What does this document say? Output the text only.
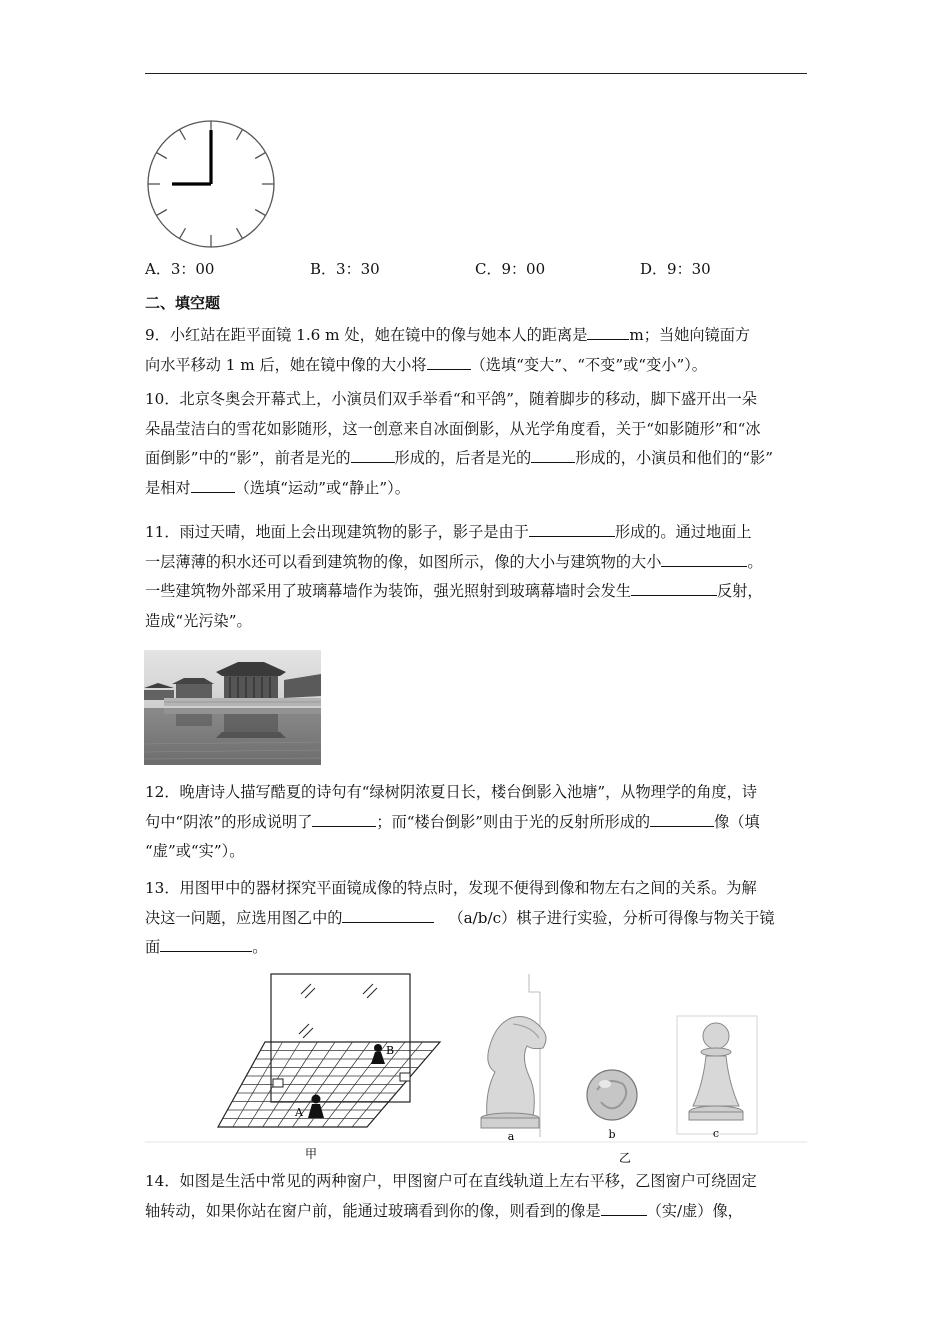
A．3：00	B．3：30	C．9：00	D．9：30
二、填空题

9．小红站在距平面镜 1.6 m 处，她在镜中的像与她本人的距离是	m；当她向镜面方

向水平移动 1 m 后，她在镜中像的大小将	（选填“变大”、“不变”或“变小”）。

10．北京冬奥会开幕式上，小演员们双手举看“和平鸽”，随着脚步的移动，脚下盛开出一朵

朵晶莹洁白的雪花如影随形，这一创意来自冰面倒影，从光学角度看，关于“如影随形”和“冰

面倒影”中的“影”，前者是光的	形成的，后者是光的	形成的，小演员和他们的“影”

是相对	（选填“运动”或“静止”）。

11．雨过天晴，地面上会出现建筑物的影子，影子是由于	形成的。通过地面上

一层薄薄的积水还可以看到建筑物的像，如图所示，像的大小与建筑物的大小	。

一些建筑物外部采用了玻璃幕墙作为装饰，强光照射到玻璃幕墙时会发生	反射，

造成“光污染”。

12．晚唐诗人描写酷夏的诗句有“绿树阴浓夏日长，楼台倒影入池塘”，从物理学的角度，诗

句中“阴浓”的形成说明了	；而“楼台倒影”则由于光的反射所形成的	像（填

“虚”或“实”）。

13．用图甲中的器材探究平面镜成像的特点时，发现不便得到像和物左右之间的关系。为解

决这一问题，应选用图乙中的	（a/b/c）棋子进行实验，分析可得像与物关于镜

面	。

B
A
a	b	c
甲	乙

14．如图是生活中常见的两种窗户，甲图窗户可在直线轨道上左右平移，乙图窗户可绕固定

轴转动，如果你站在窗户前，能通过玻璃看到你的像，则看到的像是	（实/虚）像，
